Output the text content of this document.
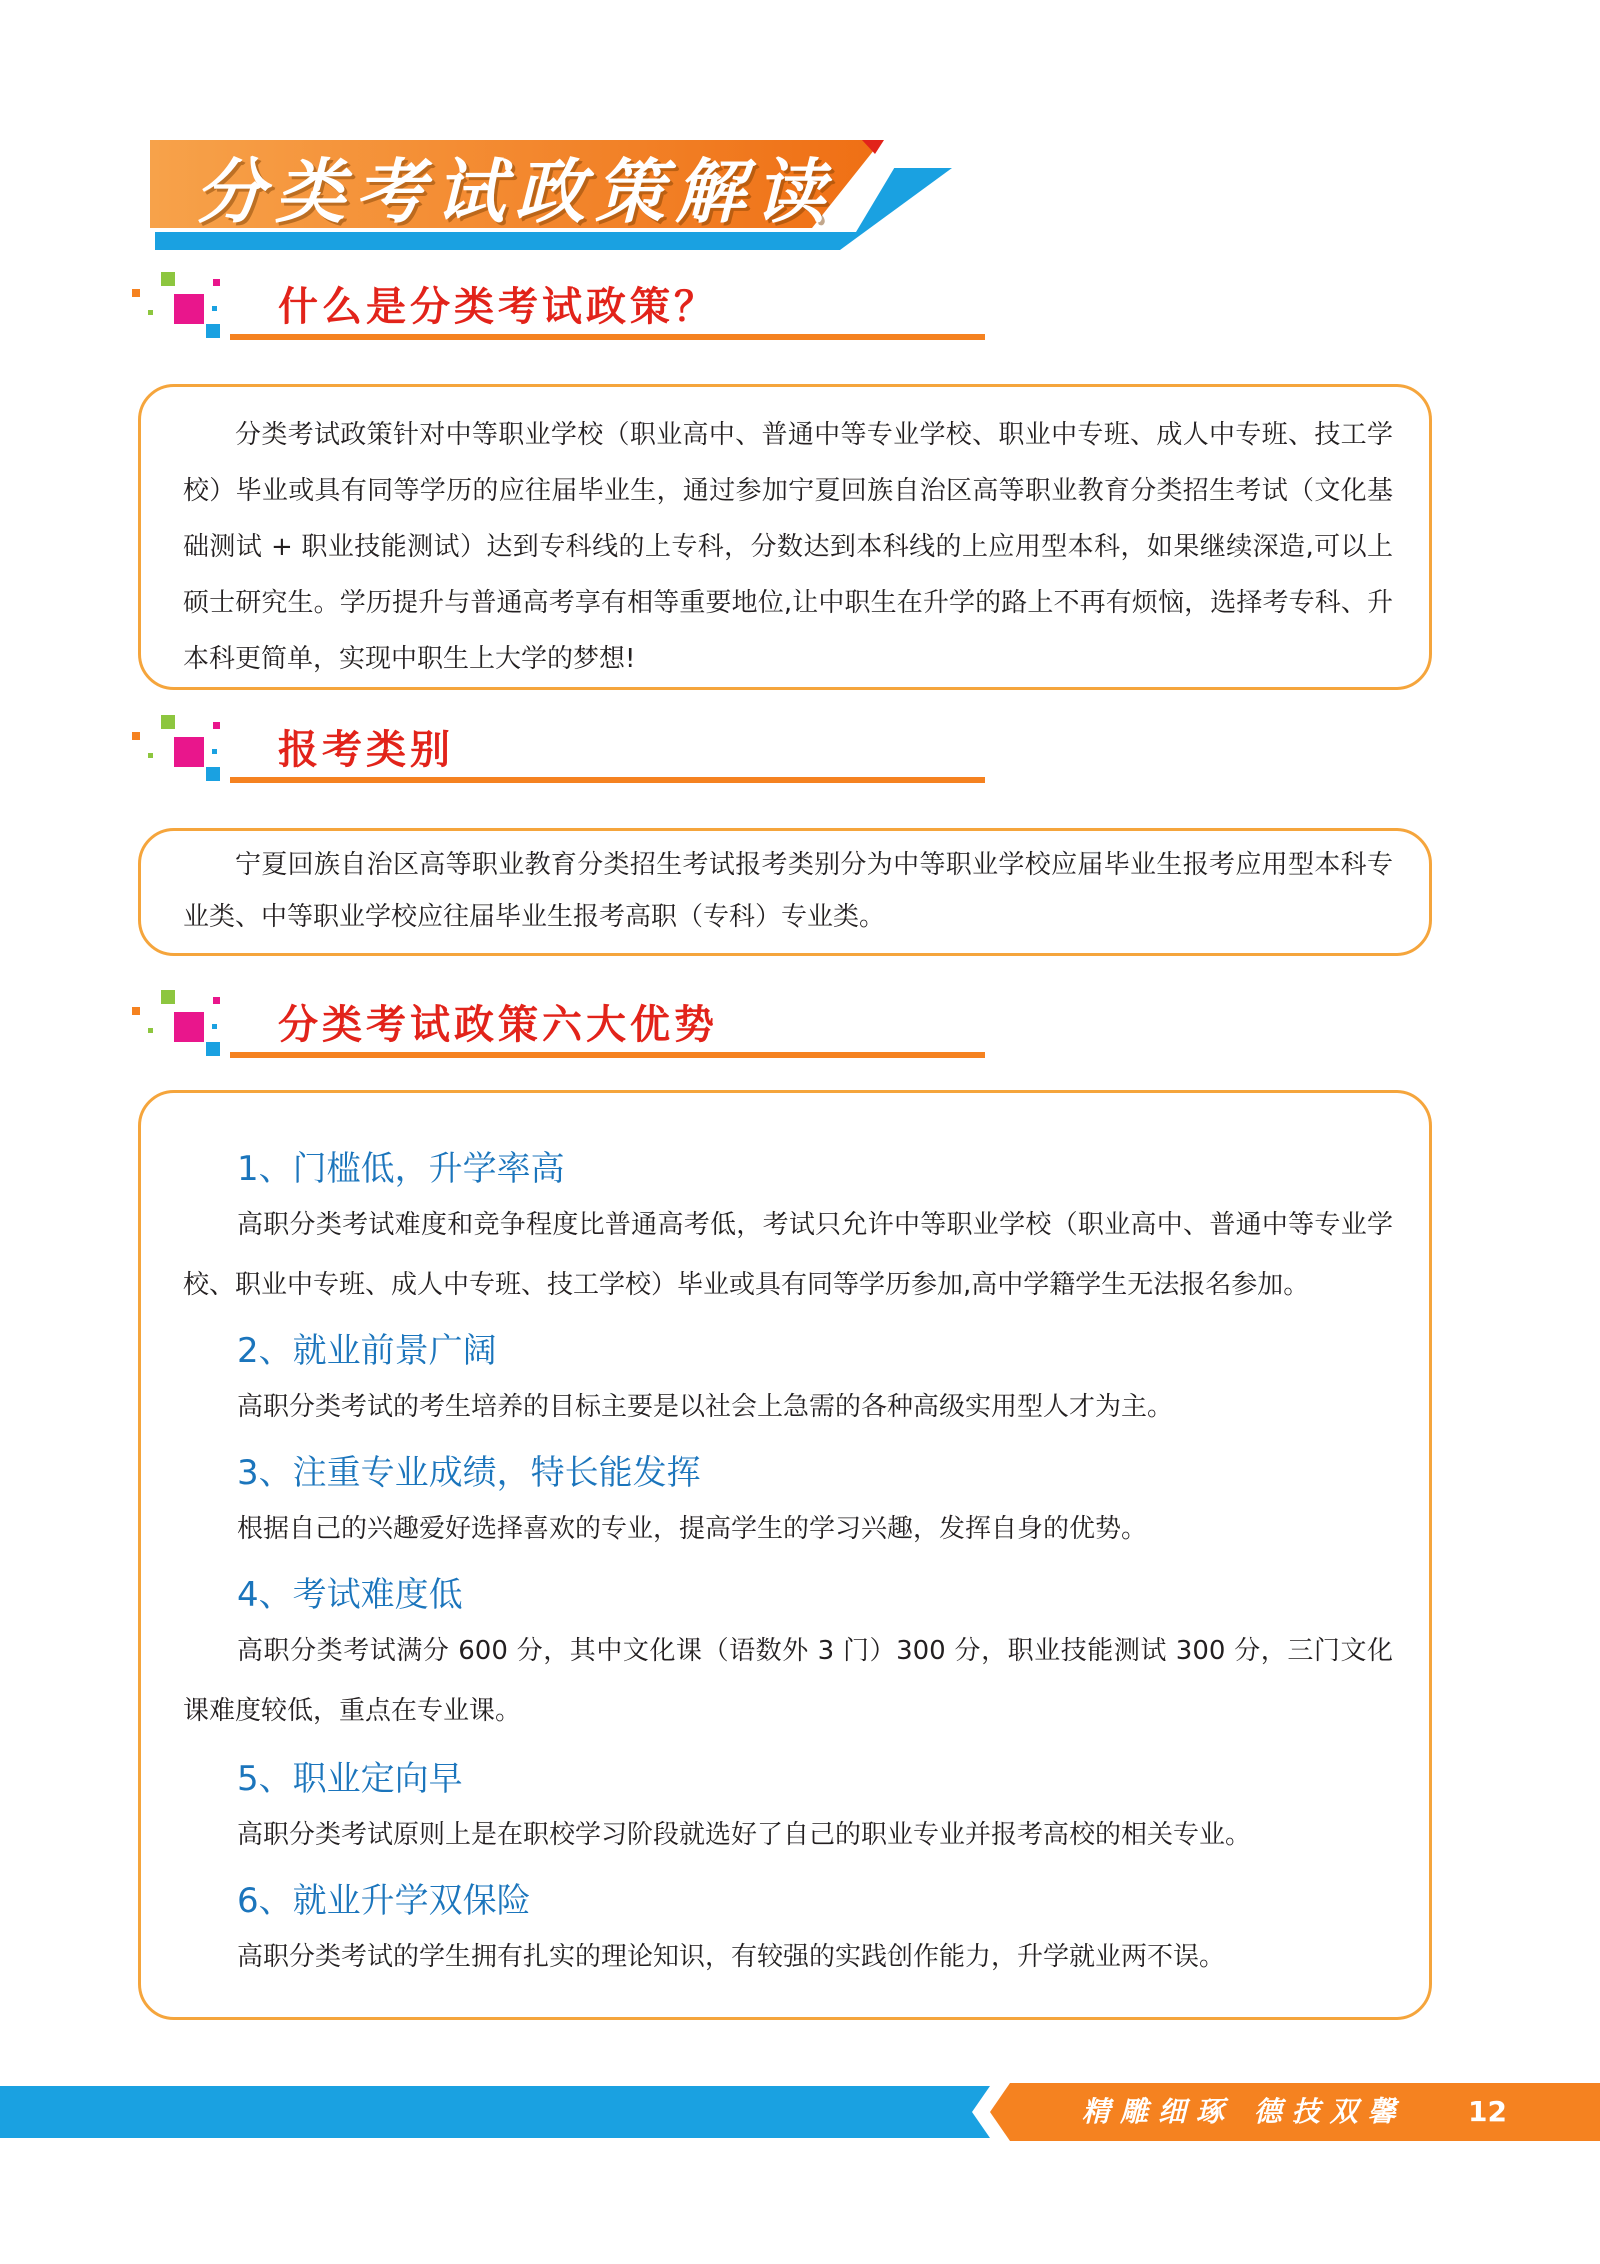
分类考试政策解读
什么是分类考试政策？
分类考试政策针对中等职业学校（职业高中、普通中等专业学校、职业中专班、成人中专班、技工学校）毕业或具有同等学历的应往届毕业生，通过参加宁夏回族自治区高等职业教育分类招生考试（文化基础测试 + 职业技能测试）达到专科线的上专科，分数达到本科线的上应用型本科，如果继续深造,可以上硕士研究生。学历提升与普通高考享有相等重要地位,让中职生在升学的路上不再有烦恼，选择考专科、升本科更简单，实现中职生上大学的梦想!
报考类别
宁夏回族自治区高等职业教育分类招生考试报考类别分为中等职业学校应届毕业生报考应用型本科专业类、中等职业学校应往届毕业生报考高职（专科）专业类。
分类考试政策六大优势
1、门槛低，升学率高
高职分类考试难度和竞争程度比普通高考低，考试只允许中等职业学校（职业高中、普通中等专业学校、职业中专班、成人中专班、技工学校）毕业或具有同等学历参加,高中学籍学生无法报名参加。
2、就业前景广阔
高职分类考试的考生培养的目标主要是以社会上急需的各种高级实用型人才为主。
3、注重专业成绩，特长能发挥
根据自己的兴趣爱好选择喜欢的专业，提高学生的学习兴趣，发挥自身的优势。
4、考试难度低
高职分类考试满分 600 分，其中文化课（语数外 3 门）300 分，职业技能测试 300 分，三门文化课难度较低，重点在专业课。
5、职业定向早
高职分类考试原则上是在职校学习阶段就选好了自己的职业专业并报考高校的相关专业。
6、就业升学双保险
高职分类考试的学生拥有扎实的理论知识，有较强的实践创作能力，升学就业两不误。
精雕细琢 德技双馨 12
